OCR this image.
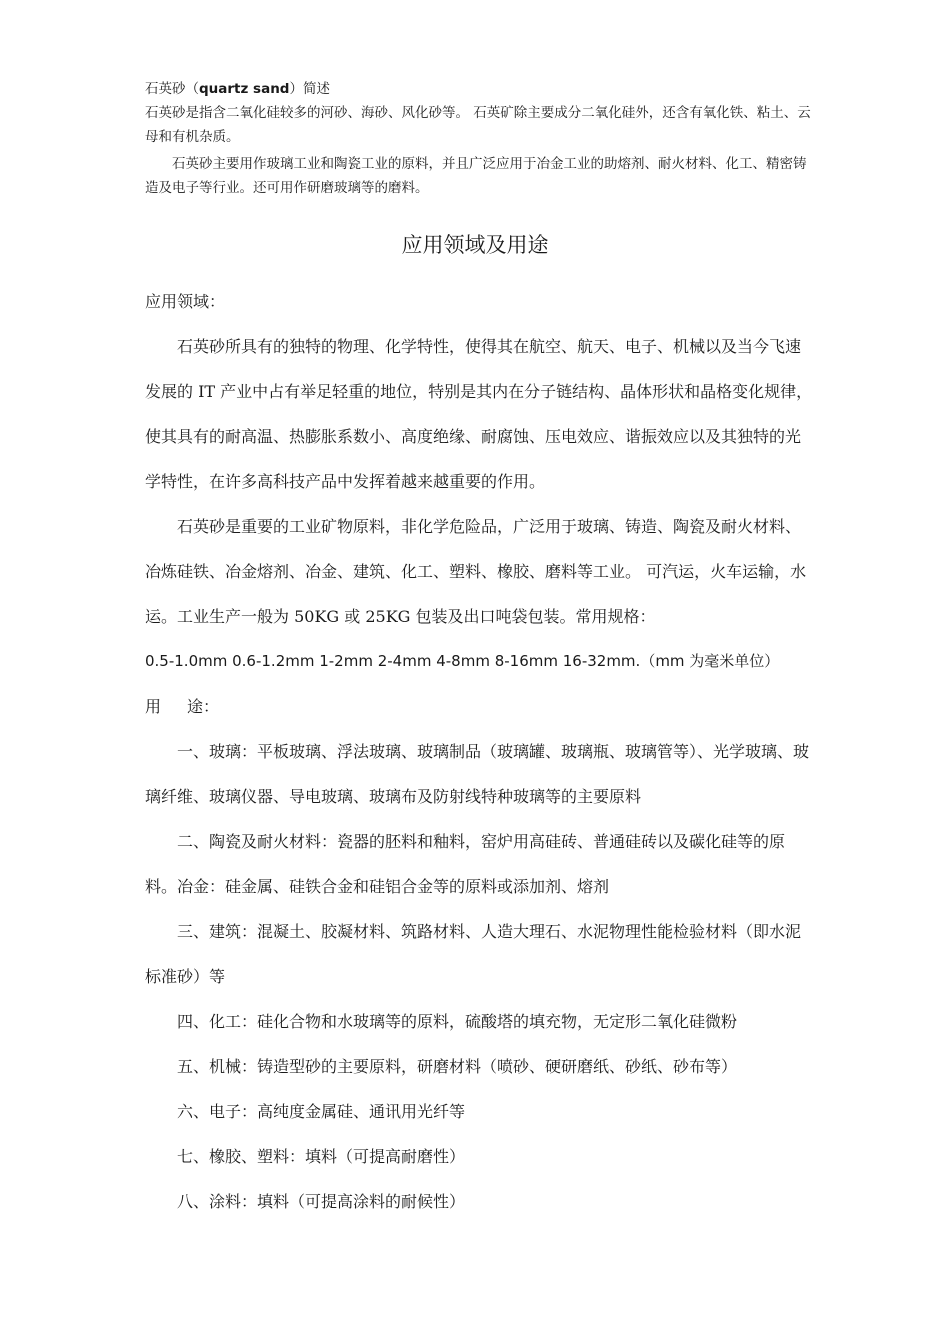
石英砂（quartz sand）简述

石英砂是指含二氧化硅较多的河砂、海砂、风化砂等。 石英矿除主要成分二氧化硅外，还含有氧化铁、粘土、云母和有机杂质。

石英砂主要用作玻璃工业和陶瓷工业的原料，并且广泛应用于冶金工业的助熔剂、耐火材料、化工、精密铸造及电子等行业。还可用作研磨玻璃等的磨料。

应用领域及用途

应用领域：

石英砂所具有的独特的物理、化学特性，使得其在航空、航天、电子、机械以及当今飞速发展的 IT 产业中占有举足轻重的地位，特别是其内在分子链结构、晶体形状和晶格变化规律，使其具有的耐高温、热膨胀系数小、高度绝缘、耐腐蚀、压电效应、谐振效应以及其独特的光学特性，在许多高科技产品中发挥着越来越重要的作用。

石英砂是重要的工业矿物原料，非化学危险品，广泛用于玻璃、铸造、陶瓷及耐火材料、冶炼硅铁、冶金熔剂、冶金、建筑、化工、塑料、橡胶、磨料等工业。 可汽运，火车运输，水运。工业生产一般为 50KG 或 25KG 包装及出口吨袋包装。常用规格：

0.5-1.0mm 0.6-1.2mm 1-2mm 2-4mm 4-8mm 8-16mm 16-32mm.（mm 为毫米单位）

用 途：

一、玻璃：平板玻璃、浮法玻璃、玻璃制品（玻璃罐、玻璃瓶、玻璃管等）、光学玻璃、玻璃纤维、玻璃仪器、导电玻璃、玻璃布及防射线特种玻璃等的主要原料

二、陶瓷及耐火材料：瓷器的胚料和釉料，窑炉用高硅砖、普通硅砖以及碳化硅等的原料。冶金：硅金属、硅铁合金和硅铝合金等的原料或添加剂、熔剂

三、建筑：混凝土、胶凝材料、筑路材料、人造大理石、水泥物理性能检验材料（即水泥标准砂）等

四、化工：硅化合物和水玻璃等的原料，硫酸塔的填充物，无定形二氧化硅微粉

五、机械：铸造型砂的主要原料，研磨材料（喷砂、硬研磨纸、砂纸、砂布等）

六、电子：高纯度金属硅、通讯用光纤等

七、橡胶、塑料：填料（可提高耐磨性）

八、涂料：填料（可提高涂料的耐候性）
